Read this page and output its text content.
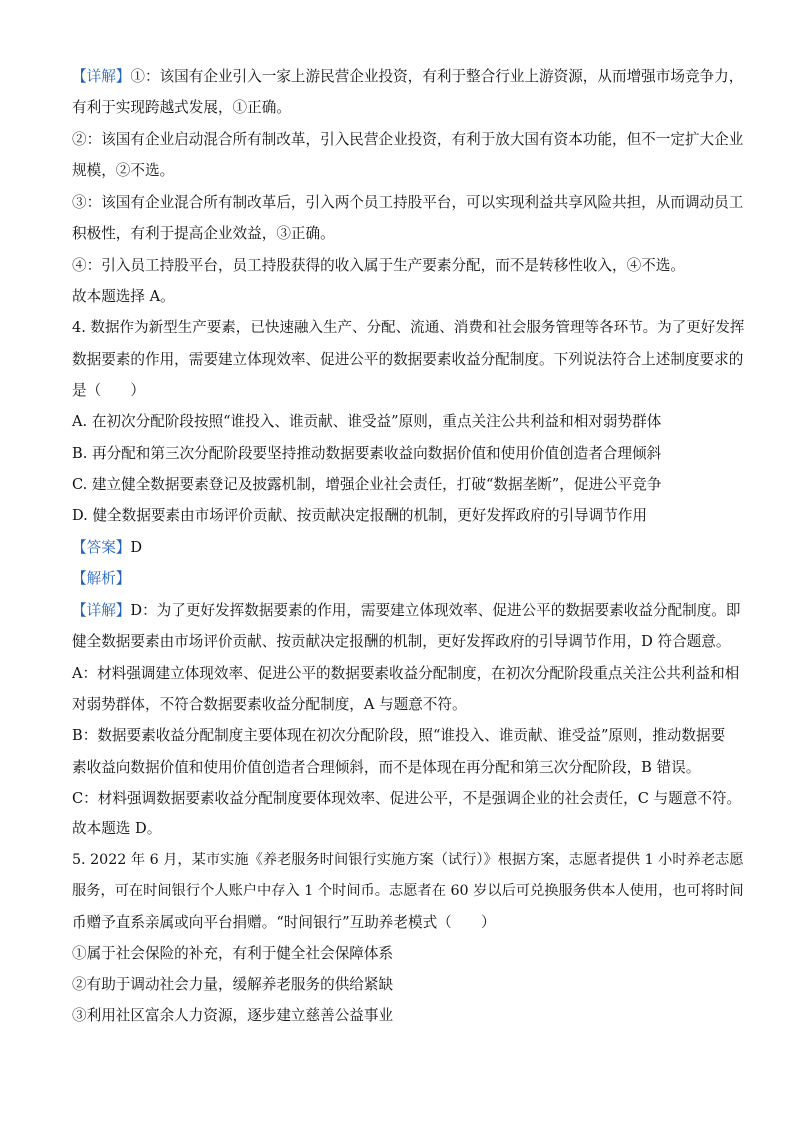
【详解】①：该国有企业引入一家上游民营企业投资，有利于整合行业上游资源，从而增强市场竞争力，
有利于实现跨越式发展，①正确。
②：该国有企业启动混合所有制改革，引入民营企业投资，有利于放大国有资本功能，但不一定扩大企业
规模，②不选。
③：该国有企业混合所有制改革后，引入两个员工持股平台，可以实现利益共享风险共担，从而调动员工
积极性，有利于提高企业效益，③正确。
④：引入员工持股平台，员工持股获得的收入属于生产要素分配，而不是转移性收入，④不选。
故本题选择 A。
4. 数据作为新型生产要素，已快速融入生产、分配、流通、消费和社会服务管理等各环节。为了更好发挥
数据要素的作用，需要建立体现效率、促进公平的数据要素收益分配制度。下列说法符合上述制度要求的
是（　　）
A. 在初次分配阶段按照“谁投入、谁贡献、谁受益”原则，重点关注公共利益和相对弱势群体
B. 再分配和第三次分配阶段要坚持推动数据要素收益向数据价值和使用价值创造者合理倾斜
C. 建立健全数据要素登记及披露机制，增强企业社会责任，打破“数据垄断”，促进公平竞争
D. 健全数据要素由市场评价贡献、按贡献决定报酬的机制，更好发挥政府的引导调节作用
【答案】D
【解析】
【详解】D：为了更好发挥数据要素的作用，需要建立体现效率、促进公平的数据要素收益分配制度。即
健全数据要素由市场评价贡献、按贡献决定报酬的机制，更好发挥政府的引导调节作用，D 符合题意。
A：材料强调建立体现效率、促进公平的数据要素收益分配制度，在初次分配阶段重点关注公共利益和相
对弱势群体，不符合数据要素收益分配制度，A 与题意不符。
B：数据要素收益分配制度主要体现在初次分配阶段，照“谁投入、谁贡献、谁受益”原则，推动数据要
素收益向数据价值和使用价值创造者合理倾斜，而不是体现在再分配和第三次分配阶段，B 错误。
C：材料强调数据要素收益分配制度要体现效率、促进公平，不是强调企业的社会责任，C 与题意不符。
故本题选 D。
5. 2022 年 6 月，某市实施《养老服务时间银行实施方案（试行）》根据方案，志愿者提供 1 小时养老志愿
服务，可在时间银行个人账户中存入 1 个时间币。志愿者在 60 岁以后可兑换服务供本人使用，也可将时间
币赠予直系亲属或向平台捐赠。“时间银行”互助养老模式（　　）
①属于社会保险的补充，有利于健全社会保障体系
②有助于调动社会力量，缓解养老服务的供给紧缺
③利用社区富余人力资源，逐步建立慈善公益事业
